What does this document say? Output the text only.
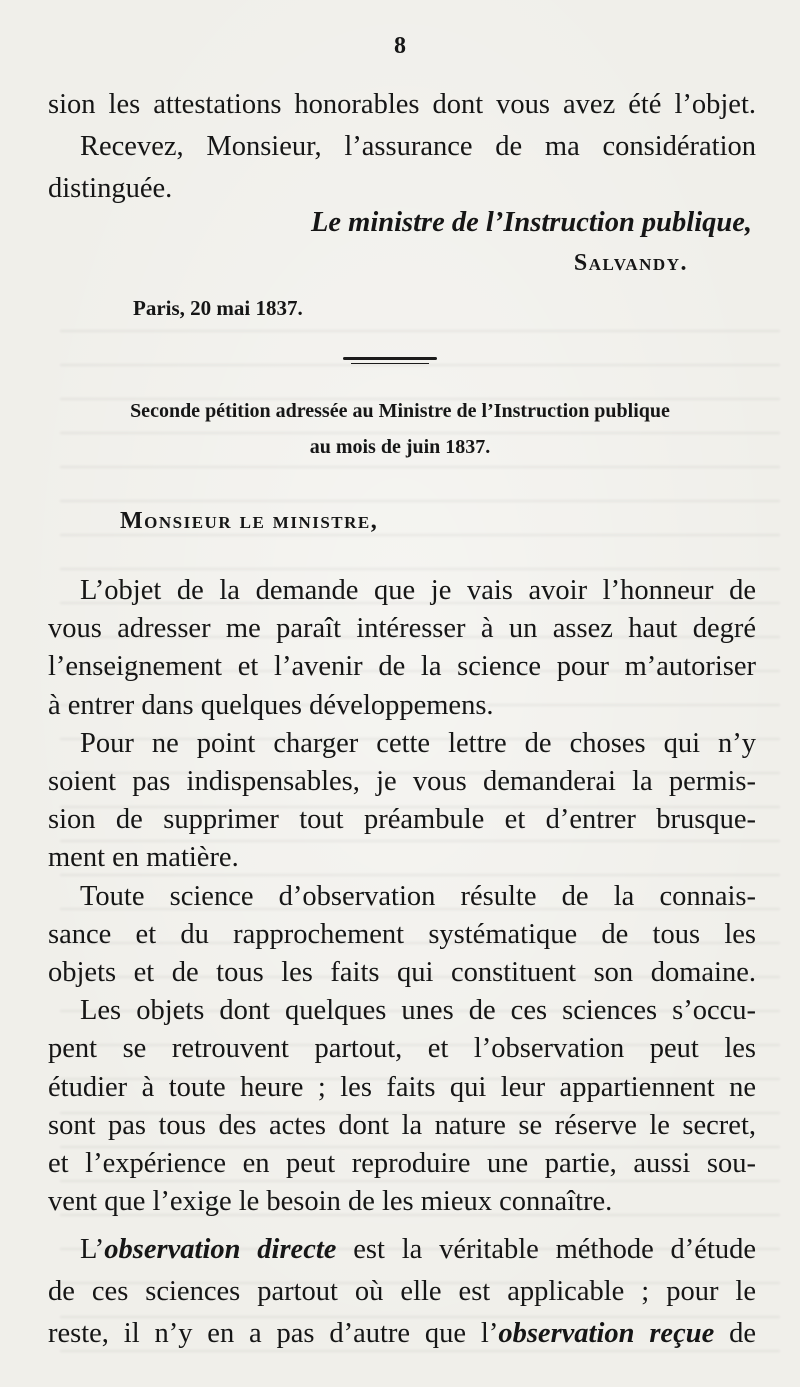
8
sion les attestations honorables dont vous avez été l’objet.
Recevez, Monsieur, l’assurance de ma considération
distinguée.
Le ministre de l’Instruction publique,
Salvandy.
Paris, 20 mai 1837.
Seconde pétition adressée au Ministre de l’Instruction publique
au mois de juin 1837.
Monsieur le ministre,
L’objet de la demande que je vais avoir l’honneur de
vous adresser me paraît intéresser à un assez haut degré
l’enseignement et l’avenir de la science pour m’autoriser
à entrer dans quelques développemens.
Pour ne point charger cette lettre de choses qui n’y
soient pas indispensables, je vous demanderai la permis-
sion de supprimer tout préambule et d’entrer brusque-
ment en matière.
Toute science d’observation résulte de la connais-
sance et du rapprochement systématique de tous les
objets et de tous les faits qui constituent son domaine.
Les objets dont quelques unes de ces sciences s’occu-
pent se retrouvent partout, et l’observation peut les
étudier à toute heure ; les faits qui leur appartiennent ne
sont pas tous des actes dont la nature se réserve le secret,
et l’expérience en peut reproduire une partie, aussi sou-
vent que l’exige le besoin de les mieux connaître.
L’observation directe est la véritable méthode d’étude
de ces sciences partout où elle est applicable ; pour le
reste, il n’y en a pas d’autre que l’observation reçue de
